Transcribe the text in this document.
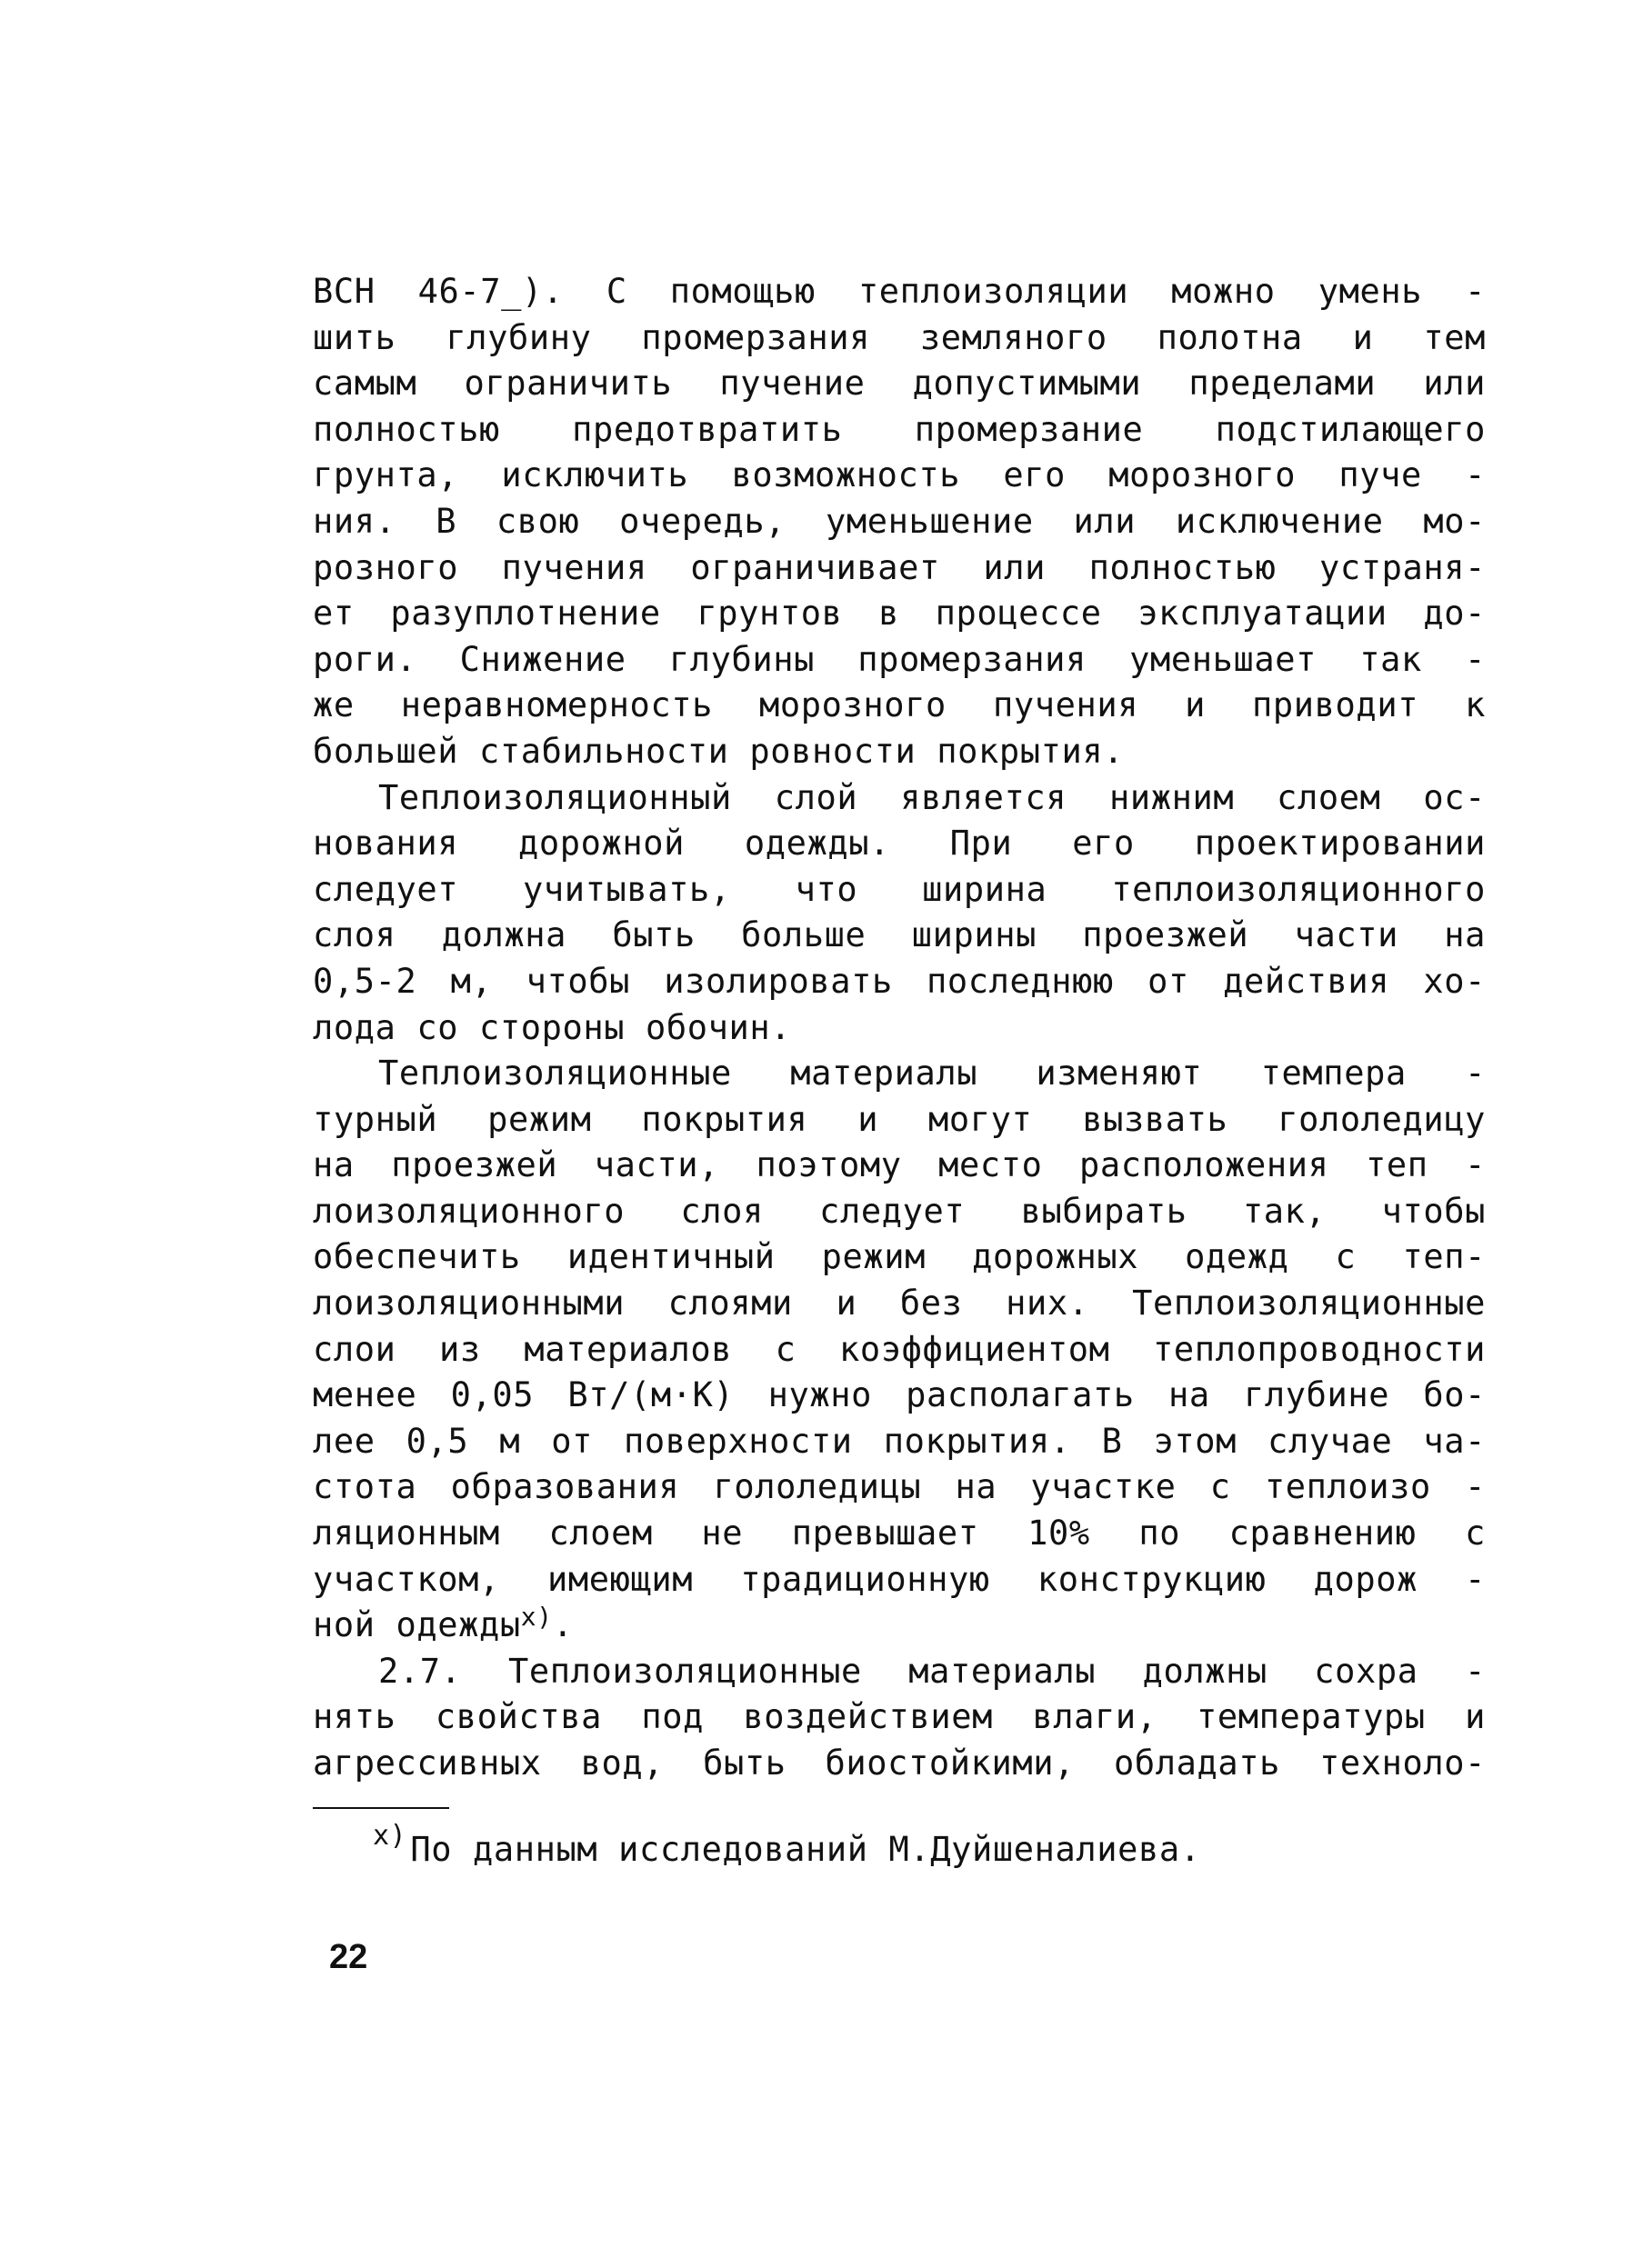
ВСН 46-7_). С помощью теплоизоляции можно умень -
шить глубину промерзания земляного полотна и тем
самым ограничить пучение допустимыми пределами или
полностью предотвратить промерзание подстилающего
грунта, исключить возможность его морозного пуче -
ния. В свою очередь, уменьшение или исключение мо-
розного пучения ограничивает или полностью устраня-
ет разуплотнение грунтов в процессе эксплуатации до-
роги. Снижение глубины промерзания уменьшает так -
же неравномерность морозного пучения и приводит к
большей стабильности ровности покрытия.
Теплоизоляционный слой является нижним слоем ос-
нования дорожной одежды. При его проектировании
следует учитывать, что ширина теплоизоляционного
слоя должна быть больше ширины проезжей части на
0,5-2 м, чтобы изолировать последнюю от действия хо-
лода со стороны обочин.
Теплоизоляционные материалы изменяют темпера -
турный режим покрытия и могут вызвать гололедицу
на проезжей части, поэтому место расположения теп -
лоизоляционного слоя следует выбирать так, чтобы
обеспечить идентичный режим дорожных одежд с теп-
лоизоляционными слоями и без них. Теплоизоляционные
слои из материалов с коэффициентом теплопроводности
менее 0,05 Вт/(м·К) нужно располагать на глубине бо-
лее 0,5 м от поверхности покрытия. В этом случае ча-
стота образования гололедицы на участке с теплоизо -
ляционным слоем не превышает 10% по сравнению с
участком, имеющим традиционную конструкцию дорож -
ной одежды$^{x)}$.
2.7. Теплоизоляционные материалы должны сохра -
нять свойства под воздействием влаги, температуры и
агрессивных вод, быть биостойкими, обладать техноло-
$^{x)}$ По данным исследований М.Дуйшеналиева.
22
